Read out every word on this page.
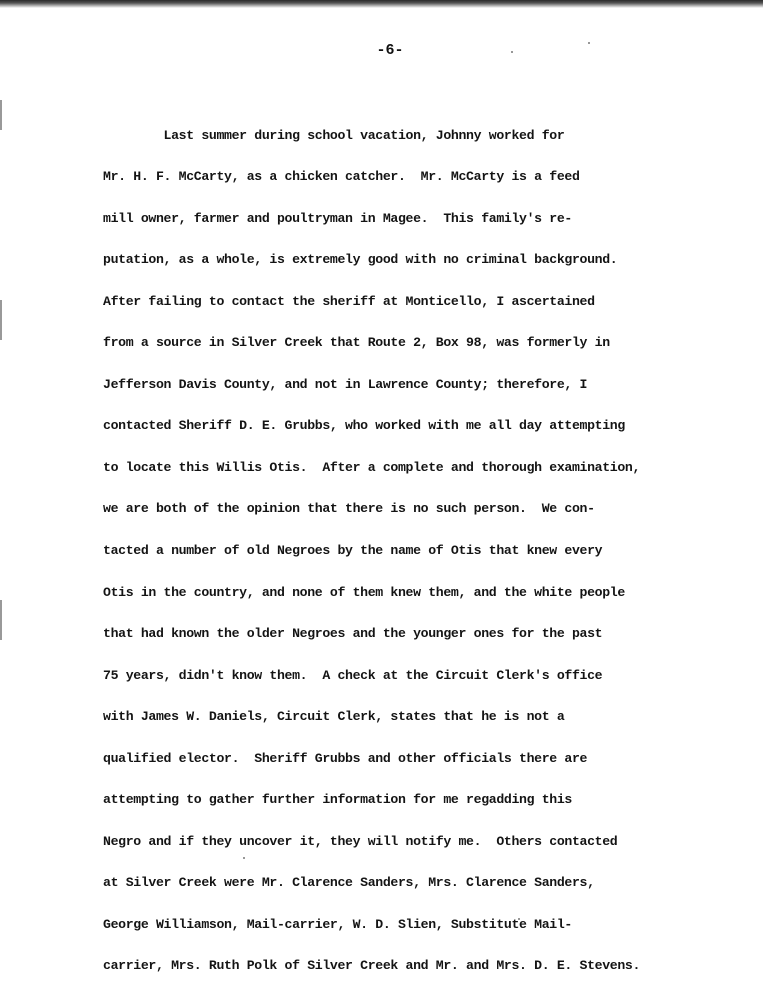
-6-

Last summer during school vacation, Johnny worked for

Mr. H. F. McCarty, as a chicken catcher.  Mr. McCarty is a feed

mill owner, farmer and poultryman in Magee.  This family's re-

putation, as a whole, is extremely good with no criminal background.

After failing to contact the sheriff at Monticello, I ascertained

from a source in Silver Creek that Route 2, Box 98, was formerly in

Jefferson Davis County, and not in Lawrence County; therefore, I

contacted Sheriff D. E. Grubbs, who worked with me all day attempting

to locate this Willis Otis.  After a complete and thorough examination,

we are both of the opinion that there is no such person.  We con-

tacted a number of old Negroes by the name of Otis that knew every

Otis in the country, and none of them knew them, and the white people

that had known the older Negroes and the younger ones for the past

75 years, didn't know them.  A check at the Circuit Clerk's office

with James W. Daniels, Circuit Clerk, states that he is not a

qualified elector.  Sheriff Grubbs and other officials there are

attempting to gather further information for me regadding this

Negro and if they uncover it, they will notify me.  Others contacted

at Silver Creek were Mr. Clarence Sanders, Mrs. Clarence Sanders,

George Williamson, Mail-carrier, W. D. Slien, Substitute Mail-

carrier, Mrs. Ruth Polk of Silver Creek and Mr. and Mrs. D. E. Stevens.
